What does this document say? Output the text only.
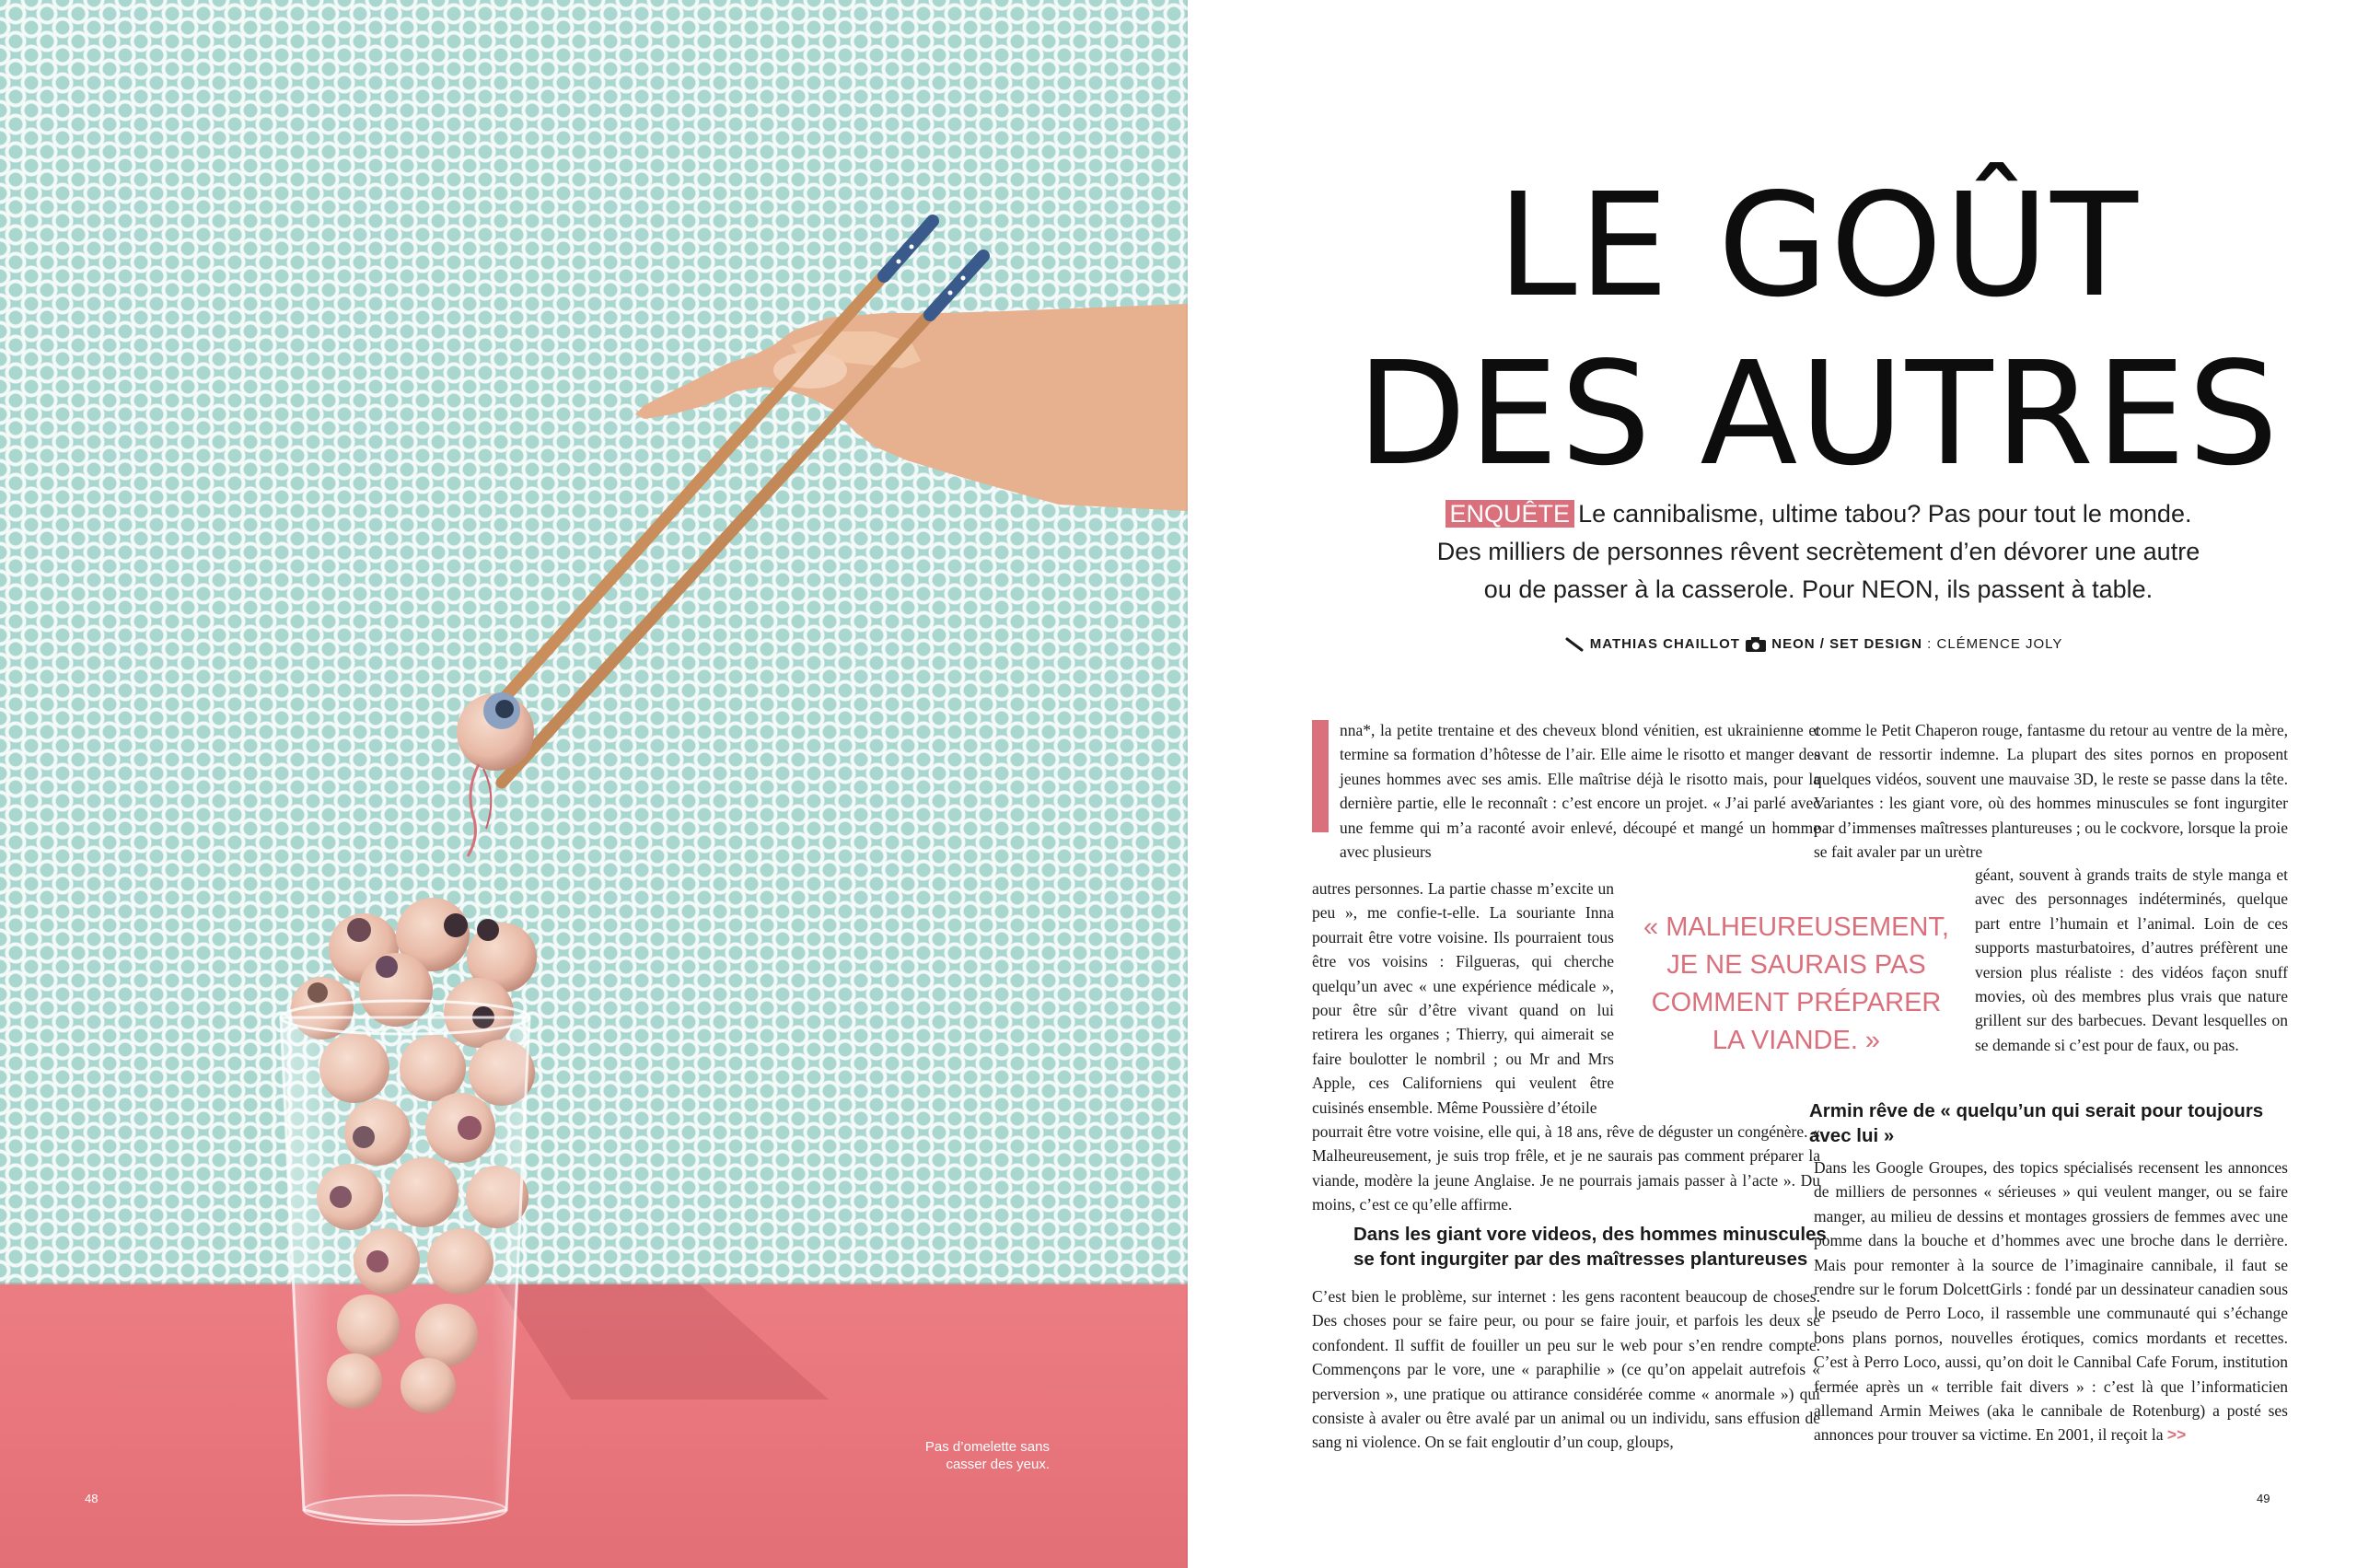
Pas d’omelette sans
casser des yeux.
48
LE GOÛT
DES AUTRES
ENQUÊTE Le cannibalisme, ultime tabou? Pas pour tout le monde.
Des milliers de personnes rêvent secrètement d’en dévorer une autre
ou de passer à la casserole. Pour NEON, ils passent à table.
MATHIAS CHAILLOT NEON / SET DESIGN : CLÉMENCE JOLY

nna*, la petite trentaine et des cheveux blond vénitien, est ukrainienne et termine sa formation d’hôtesse de l’air. Elle aime le risotto et manger des jeunes hommes avec ses amis. Elle maîtrise déjà le risotto mais, pour la dernière partie, elle le reconnaît : c’est encore un projet. « J’ai parlé avec une femme qui m’a raconté avoir enlevé, découpé et mangé un homme avec plusieurs

autres personnes. La partie chasse m’excite un peu », me confie-t-elle. La souriante Inna pourrait être votre voisine. Ils pourraient tous être vos voisins : Filgueras, qui cherche quelqu’un avec « une expérience médicale », pour être sûr d’être vivant quand on lui retirera les organes ; Thierry, qui aimerait se faire boulotter le nombril ; ou Mr and Mrs Apple, ces Californiens qui veulent être cuisinés ensemble. Même Poussière d’étoile

pourrait être votre voisine, elle qui, à 18 ans, rêve de déguster un congénère. « Malheureusement, je suis trop frêle, et je ne saurais pas comment préparer la viande, modère la jeune Anglaise. Je ne pourrais jamais passer à l’acte ». Du moins, c’est ce qu’elle affirme.

« MALHEUREUSEMENT, JE NE SAURAIS PAS COMMENT PRÉPARER LA VIANDE. »
Dans les giant vore videos, des hommes minuscules se font ingurgiter par des maîtresses plantureuses

C’est bien le problème, sur internet : les gens racontent beaucoup de choses. Des choses pour se faire peur, ou pour se faire jouir, et parfois les deux se confondent. Il suffit de fouiller un peu sur le web pour s’en rendre compte. Commençons par le vore, une « paraphilie » (ce qu’on appelait autrefois « perversion », une pratique ou attirance considérée comme « anormale ») qui consiste à avaler ou être avalé par un animal ou un individu, sans effusion de sang ni violence. On se fait engloutir d’un coup, gloups,

comme le Petit Chaperon rouge, fantasme du retour au ventre de la mère, avant de ressortir indemne. La plupart des sites pornos en proposent quelques vidéos, souvent une mauvaise 3D, le reste se passe dans la tête. Variantes : les giant vore, où des hommes minuscules se font ingurgiter par d’immenses maîtresses plantureuses ; ou le cockvore, lorsque la proie se fait avaler par un urètre

géant, souvent à grands traits de style manga et avec des personnages indéterminés, quelque part entre l’humain et l’animal. Loin de ces supports masturbatoires, d’autres préfèrent une version plus réaliste : des vidéos façon snuff movies, où des membres plus vrais que nature grillent sur des barbecues. Devant lesquelles on se demande si c’est pour de faux, ou pas.

Armin rêve de « quelqu’un qui serait pour toujours avec lui »

Dans les Google Groupes, des topics spécialisés recensent les annonces de milliers de personnes « sérieuses » qui veulent manger, ou se faire manger, au milieu de dessins et montages grossiers de femmes avec une pomme dans la bouche et d’hommes avec une broche dans le derrière. Mais pour remonter à la source de l’imaginaire cannibale, il faut se rendre sur le forum DolcettGirls : fondé par un dessinateur canadien sous le pseudo de Perro Loco, il rassemble une communauté qui s’échange bons plans pornos, nouvelles érotiques, comics mordants et recettes. C’est à Perro Loco, aussi, qu’on doit le Cannibal Cafe Forum, institution fermée après un « terrible fait divers » : c’est là que l’informaticien allemand Armin Meiwes (aka le cannibale de Rotenburg) a posté ses annonces pour trouver sa victime. En 2001, il reçoit la >>

49
